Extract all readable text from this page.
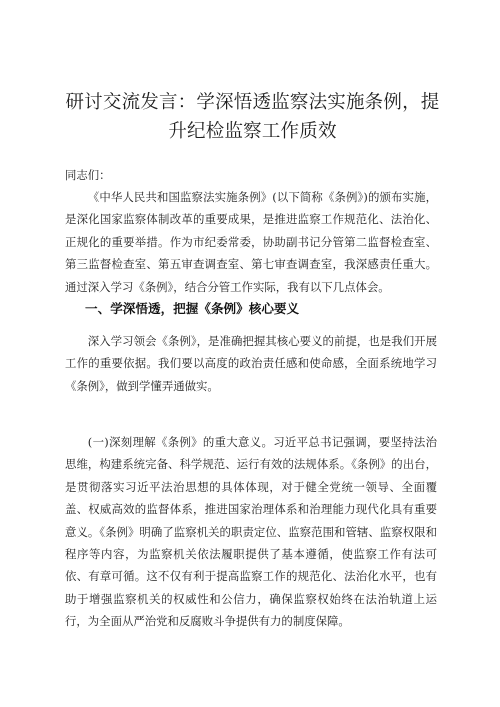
研讨交流发言：学深悟透监察法实施条例，提升纪检监察工作质效
同志们：
《中华人民共和国监察法实施条例》(以下简称《条例》)的颁布实施，是深化国家监察体制改革的重要成果，是推进监察工作规范化、法治化、正规化的重要举措。作为市纪委常委，协助副书记分管第二监督检查室、第三监督检查室、第五审查调查室、第七审查调查室，我深感责任重大。通过深入学习《条例》，结合分管工作实际，我有以下几点体会。
一、学深悟透，把握《条例》核心要义
深入学习领会《条例》，是准确把握其核心要义的前提，也是我们开展工作的重要依据。我们要以高度的政治责任感和使命感，全面系统地学习《条例》，做到学懂弄通做实。
(一)深刻理解《条例》的重大意义。习近平总书记强调，要坚持法治思维，构建系统完备、科学规范、运行有效的法规体系。《条例》的出台，是贯彻落实习近平法治思想的具体体现，对于健全党统一领导、全面覆盖、权威高效的监督体系，推进国家治理体系和治理能力现代化具有重要意义。《条例》明确了监察机关的职责定位、监察范围和管辖、监察权限和程序等内容，为监察机关依法履职提供了基本遵循，使监察工作有法可依、有章可循。这不仅有利于提高监察工作的规范化、法治化水平，也有助于增强监察机关的权威性和公信力，确保监察权始终在法治轨道上运行，为全面从严治党和反腐败斗争提供有力的制度保障。
